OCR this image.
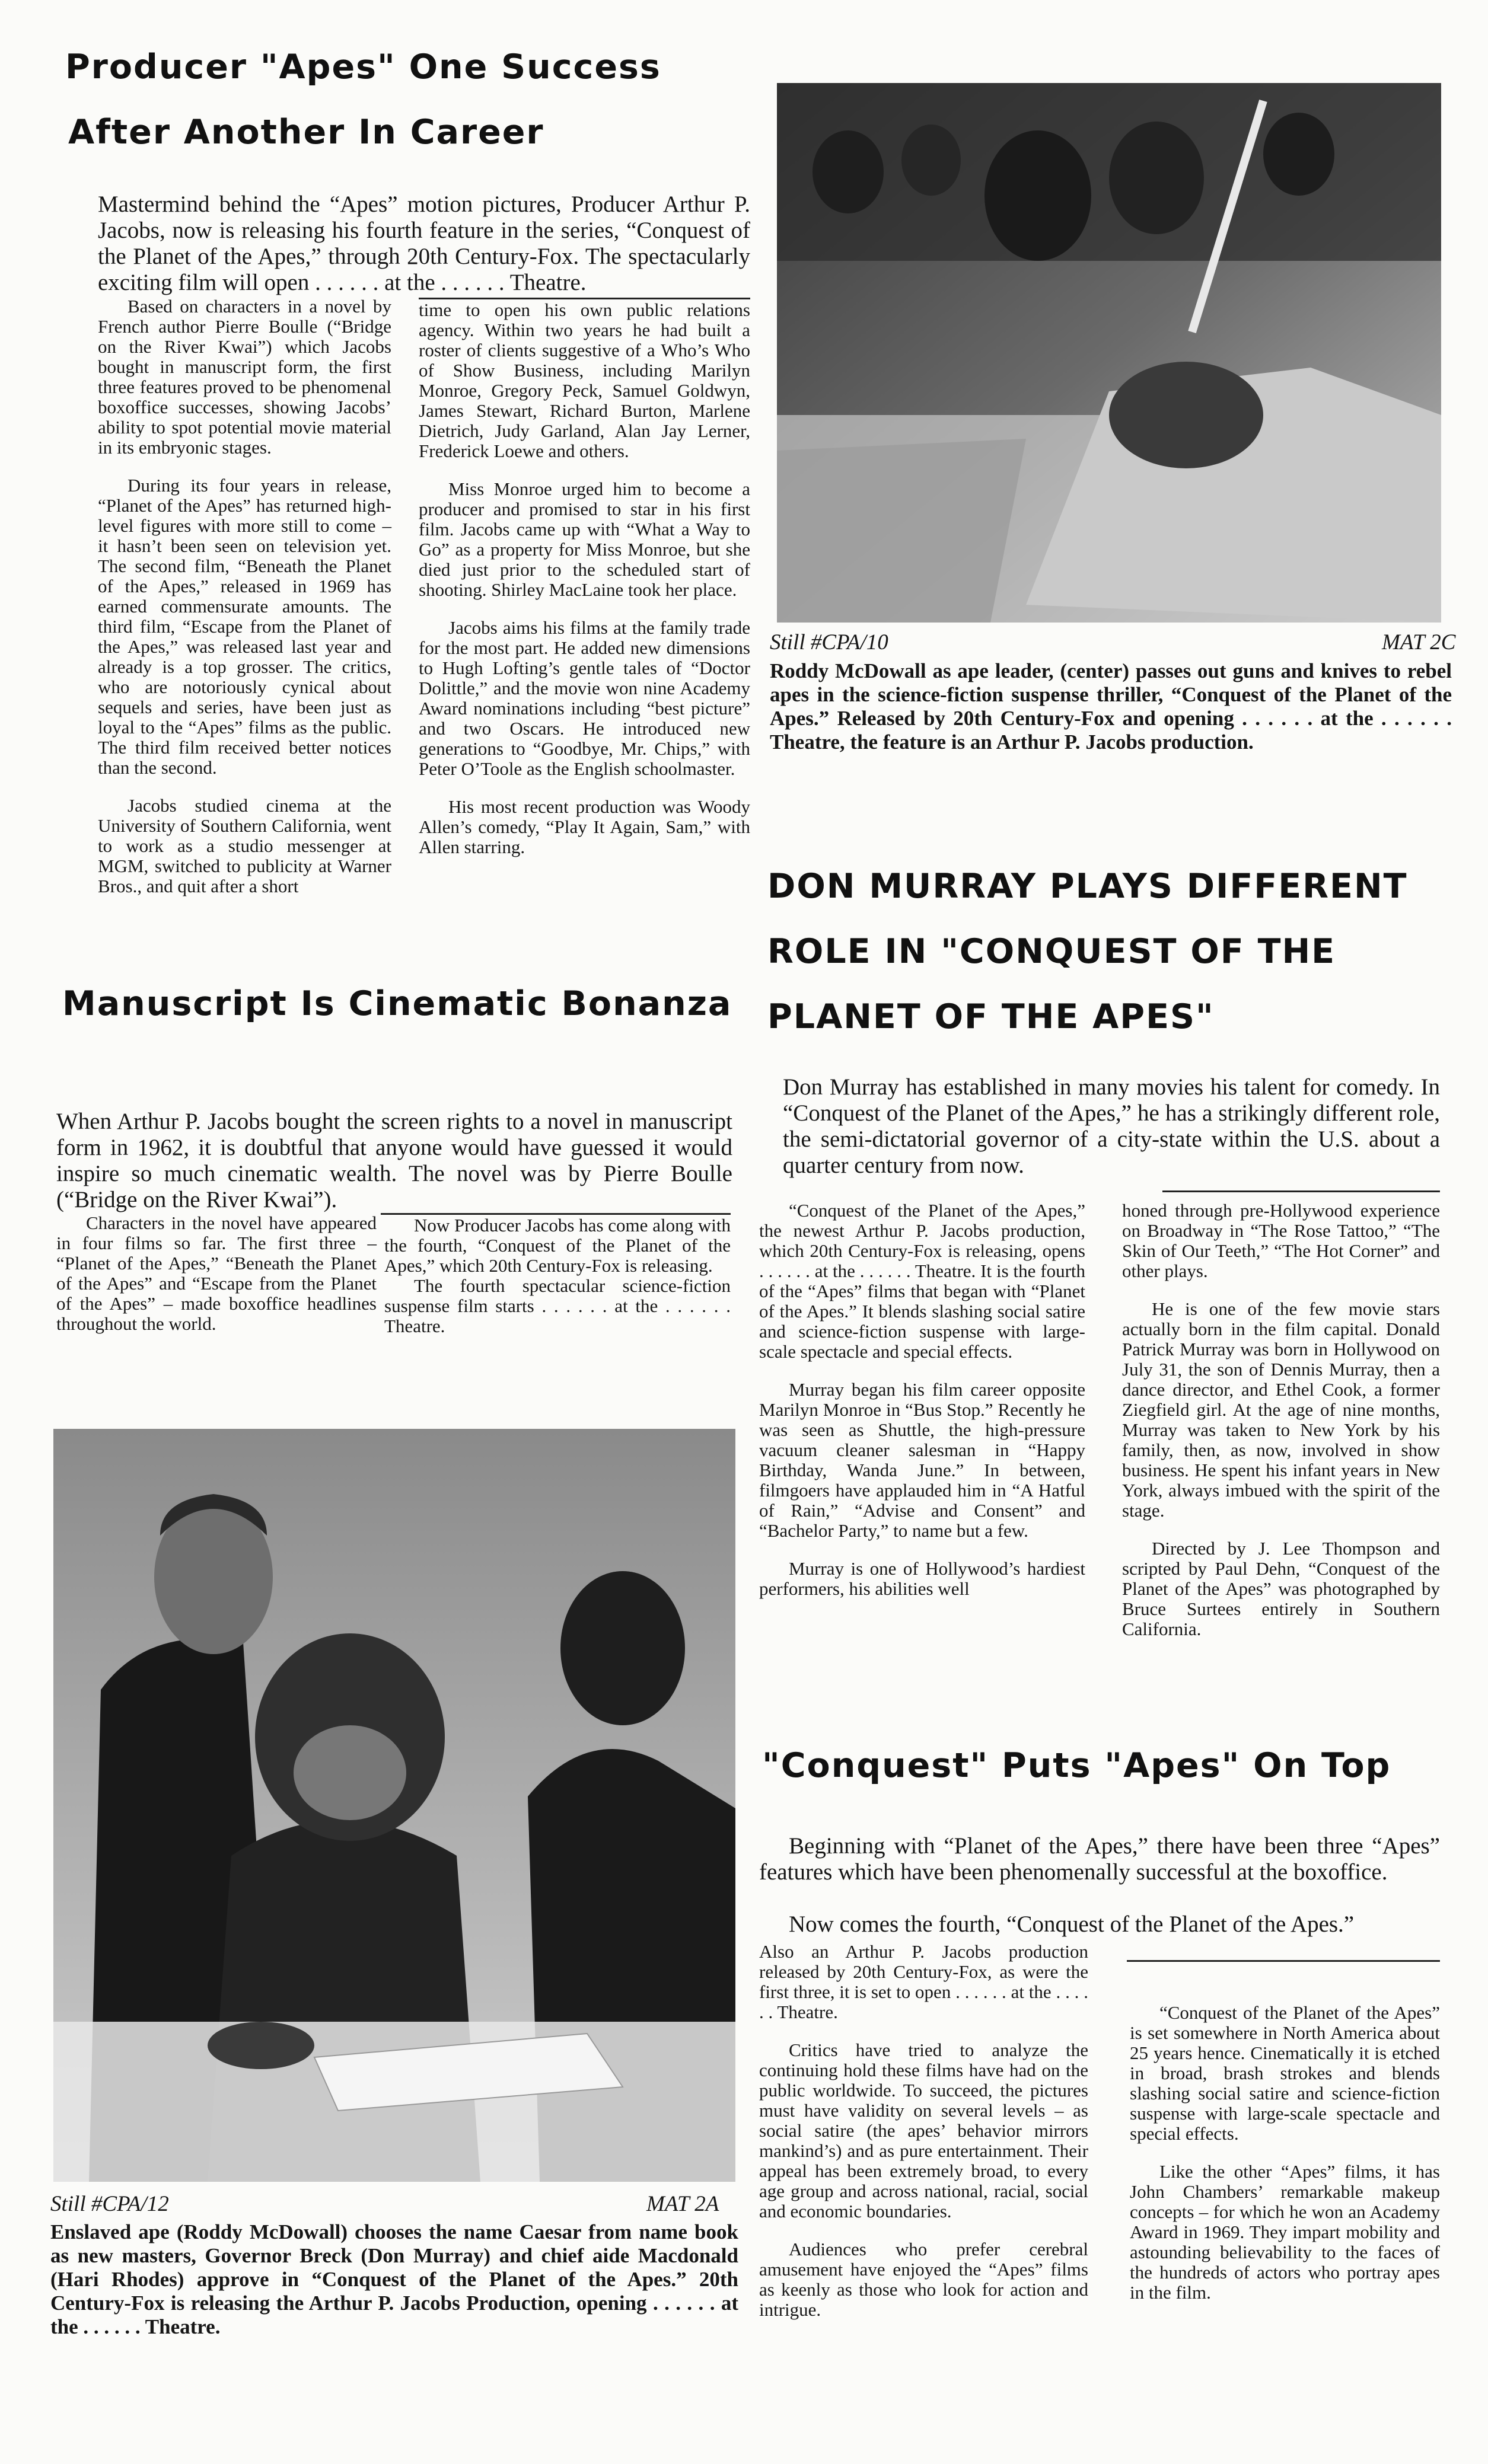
Producer "Apes" One Success
After Another In Career

Mastermind behind the “Apes” motion pictures, Producer Arthur P. Jacobs, now is releasing his fourth feature in the series, “Conquest of the Planet of the Apes,” through 20th Century-Fox. The spectacularly exciting film will open . . . . . . at the . . . . . . Theatre.

Based on characters in a novel by French author Pierre Boulle (“Bridge on the River Kwai”) which Jacobs bought in manuscript form, the first three features proved to be phenomenal boxoffice successes, showing Jacobs’ ability to spot potential movie material in its embryonic stages.

During its four years in release, “Planet of the Apes” has returned high-level figures with more still to come – it hasn’t been seen on television yet. The second film, “Beneath the Planet of the Apes,” released in 1969 has earned commensurate amounts. The third film, “Escape from the Planet of the Apes,” was released last year and already is a top grosser. The critics, who are notoriously cynical about sequels and series, have been just as loyal to the “Apes” films as the public. The third film received better notices than the second.

Jacobs studied cinema at the University of Southern California, went to work as a studio messenger at MGM, switched to publicity at Warner Bros., and quit after a short

time to open his own public relations agency. Within two years he had built a roster of clients suggestive of a Who’s Who of Show Business, including Marilyn Monroe, Gregory Peck, Samuel Goldwyn, James Stewart, Richard Burton, Marlene Dietrich, Judy Garland, Alan Jay Lerner, Frederick Loewe and others.

Miss Monroe urged him to become a producer and promised to star in his first film. Jacobs came up with “What a Way to Go” as a property for Miss Monroe, but she died just prior to the scheduled start of shooting. Shirley MacLaine took her place.

Jacobs aims his films at the family trade for the most part. He added new dimensions to Hugh Lofting’s gentle tales of “Doctor Dolittle,” and the movie won nine Academy Award nominations including “best picture” and two Oscars. He introduced new generations to “Goodbye, Mr. Chips,” with Peter O’Toole as the English schoolmaster.

His most recent production was Woody Allen’s comedy, “Play It Again, Sam,” with Allen starring.

Still #CPA/10	MAT 2C

Roddy McDowall as ape leader, (center) passes out guns and knives to rebel apes in the science-fiction suspense thriller, “Conquest of the Planet of the Apes.” Released by 20th Century-Fox and opening . . . . . . at the . . . . . . Theatre, the feature is an Arthur P. Jacobs production.

Manuscript Is Cinematic Bonanza

When Arthur P. Jacobs bought the screen rights to a novel in manuscript form in 1962, it is doubtful that anyone would have guessed it would inspire so much cinematic wealth. The novel was by Pierre Boulle (“Bridge on the River Kwai”).

Characters in the novel have appeared in four films so far. The first three – “Planet of the Apes,” “Beneath the Planet of the Apes” and “Escape from the Planet of the Apes” – made boxoffice headlines throughout the world.

Now Producer Jacobs has come along with the fourth, “Conquest of the Planet of the Apes,” which 20th Century-Fox is releasing.

The fourth spectacular science-fiction suspense film starts . . . . . . at the . . . . . . Theatre.

Still #CPA/12	MAT 2A

Enslaved ape (Roddy McDowall) chooses the name Caesar from name book as new masters, Governor Breck (Don Murray) and chief aide Macdonald (Hari Rhodes) approve in “Conquest of the Planet of the Apes.” 20th Century-Fox is releasing the Arthur P. Jacobs Production, opening . . . . . . at the . . . . . . Theatre.

DON MURRAY PLAYS DIFFERENT ROLE IN "CONQUEST OF THE PLANET OF THE APES"

Don Murray has established in many movies his talent for comedy. In “Conquest of the Planet of the Apes,” he has a strikingly different role, the semi-dictatorial governor of a city-state within the U.S. about a quarter century from now.

“Conquest of the Planet of the Apes,” the newest Arthur P. Jacobs production, which 20th Century-Fox is releasing, opens . . . . . . at the . . . . . . Theatre. It is the fourth of the “Apes” films that began with “Planet of the Apes.” It blends slashing social satire and science-fiction suspense with large-scale spectacle and special effects.

Murray began his film career opposite Marilyn Monroe in “Bus Stop.” Recently he was seen as Shuttle, the high-pressure vacuum cleaner salesman in “Happy Birthday, Wanda June.” In between, filmgoers have applauded him in “A Hatful of Rain,” “Advise and Consent” and “Bachelor Party,” to name but a few.

Murray is one of Hollywood’s hardiest performers, his abilities well

honed through pre-Hollywood experience on Broadway in “The Rose Tattoo,” “The Skin of Our Teeth,” “The Hot Corner” and other plays.

He is one of the few movie stars actually born in the film capital. Donald Patrick Murray was born in Hollywood on July 31, the son of Dennis Murray, then a dance director, and Ethel Cook, a former Ziegfield girl. At the age of nine months, Murray was taken to New York by his family, then, as now, involved in show business. He spent his infant years in New York, always imbued with the spirit of the stage.

Directed by J. Lee Thompson and scripted by Paul Dehn, “Conquest of the Planet of the Apes” was photographed by Bruce Surtees entirely in Southern California.

"Conquest" Puts "Apes" On Top

Beginning with “Planet of the Apes,” there have been three “Apes” features which have been phenomenally successful at the boxoffice.

Now comes the fourth, “Conquest of the Planet of the Apes.”

Also an Arthur P. Jacobs production released by 20th Century-Fox, as were the first three, it is set to open . . . . . . at the . . . . . . Theatre.

Critics have tried to analyze the continuing hold these films have had on the public worldwide. To succeed, the pictures must have validity on several levels – as social satire (the apes’ behavior mirrors mankind’s) and as pure entertainment. Their appeal has been extremely broad, to every age group and across national, racial, social and economic boundaries.

Audiences who prefer cerebral amusement have enjoyed the “Apes” films as keenly as those who look for action and intrigue.

“Conquest of the Planet of the Apes” is set somewhere in North America about 25 years hence. Cinematically it is etched in broad, brash strokes and blends slashing social satire and science-fiction suspense with large-scale spectacle and special effects.

Like the other “Apes” films, it has John Chambers’ remarkable makeup concepts – for which he won an Academy Award in 1969. They impart mobility and astounding believability to the faces of the hundreds of actors who portray apes in the film.
